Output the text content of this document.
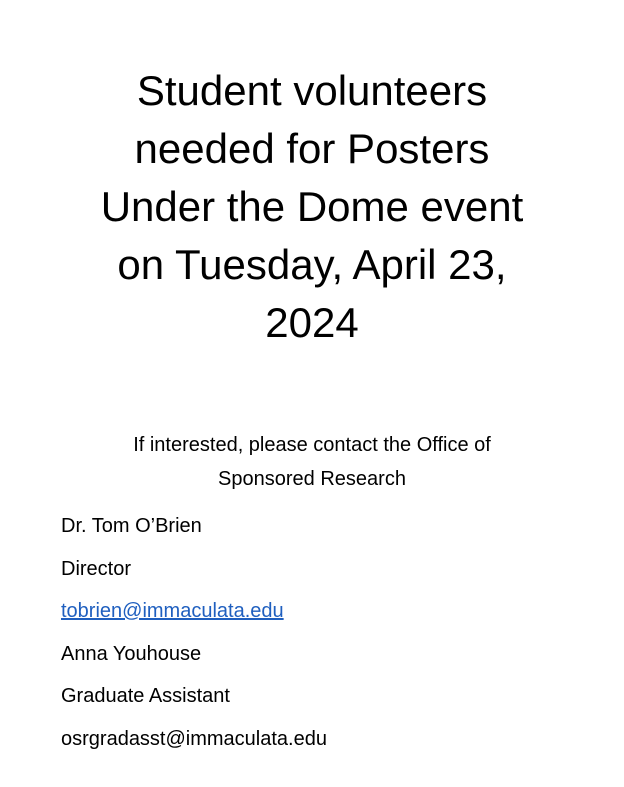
Student volunteers
needed for Posters
Under the Dome event
on Tuesday, April 23,
2024
If interested, please contact the Office of
Sponsored Research
Dr. Tom O’Brien
Director
tobrien@immaculata.edu
Anna Youhouse
Graduate Assistant
osrgradasst@immaculata.edu
